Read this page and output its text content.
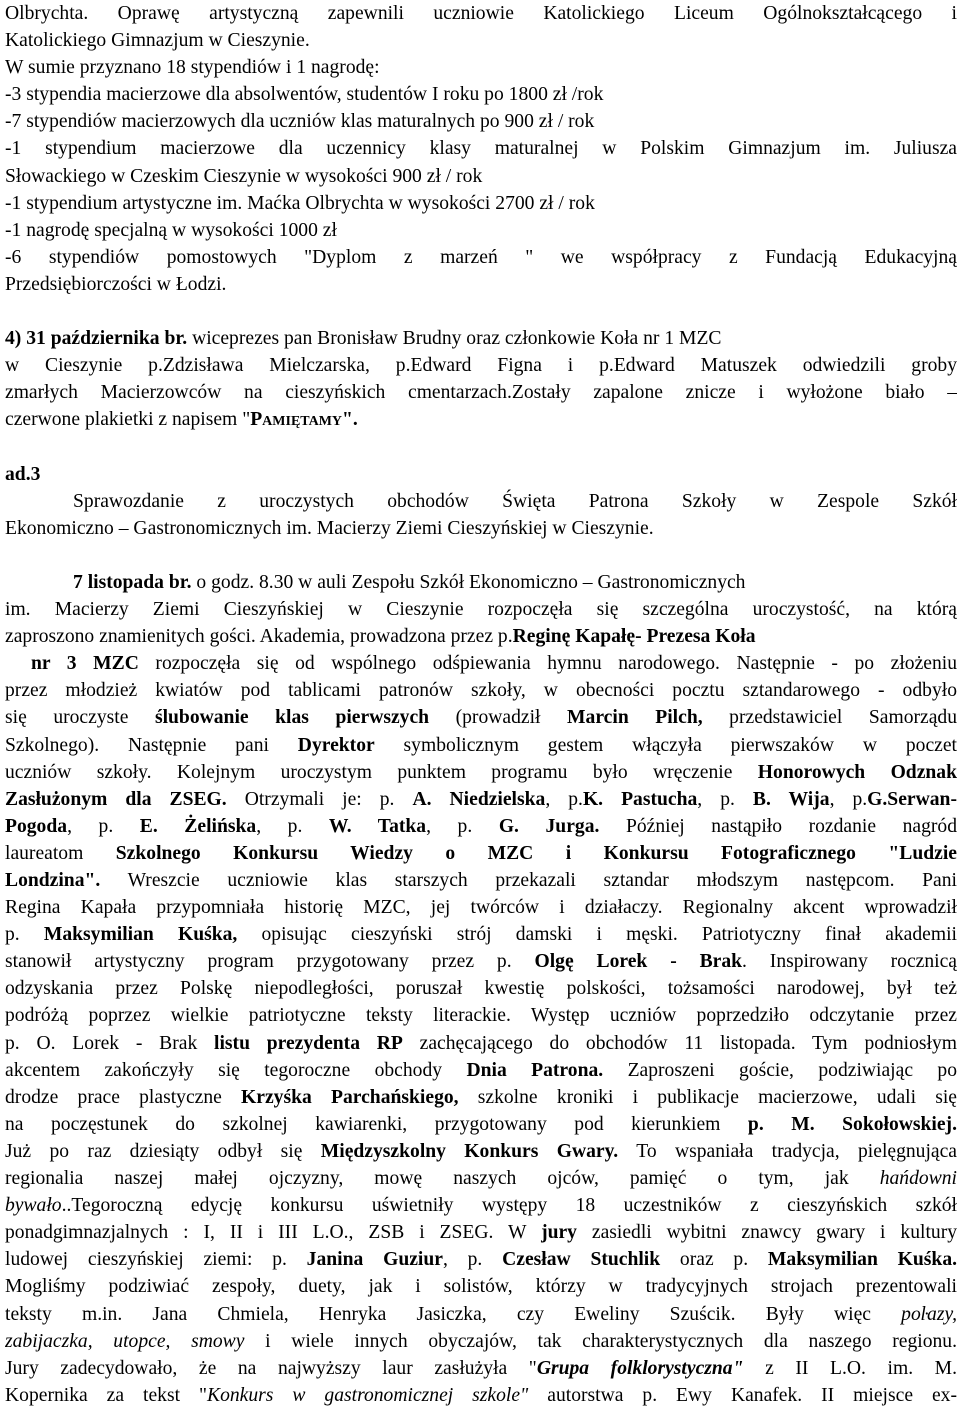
Olbrychta. Oprawę artystyczną zapewnili uczniowie Katolickiego Liceum Ogólnokształcącego i
Katolickiego Gimnazjum w Cieszynie.
W sumie przyznano 18 stypendiów i 1 nagrodę:
-3 stypendia macierzowe dla absolwentów, studentów I roku po 1800 zł /rok
-7 stypendiów macierzowych dla uczniów klas maturalnych po 900 zł / rok
-1 stypendium macierzowe dla uczennicy klasy maturalnej w Polskim Gimnazjum im. Juliusza
Słowackiego w Czeskim Cieszynie w wysokości 900 zł / rok
-1 stypendium artystyczne im. Maćka Olbrychta w wysokości 2700 zł / rok
-1 nagrodę specjalną w wysokości 1000 zł
-6 stypendiów pomostowych "Dyplom z marzeń " we współpracy z Fundacją Edukacyjną
Przedsiębiorczości w Łodzi.
4) 31 października br. wiceprezes pan Bronisław Brudny oraz członkowie Koła nr 1 MZC
w Cieszynie p.Zdzisława Mielczarska, p.Edward Figna i p.Edward Matuszek odwiedzili groby
zmarłych Macierzowców na cieszyńskich cmentarzach.Zostały zapalone znicze i wyłożone biało –
czerwone plakietki z napisem "Pamiętamy".
ad.3
Sprawozdanie z uroczystych obchodów Święta Patrona Szkoły w Zespole Szkół
Ekonomiczno – Gastronomicznych im. Macierzy Ziemi Cieszyńskiej w Cieszynie.
7 listopada br. o godz. 8.30 w auli Zespołu Szkół Ekonomiczno – Gastronomicznych
im. Macierzy Ziemi Cieszyńskiej w Cieszynie rozpoczęła się szczególna uroczystość, na którą
zaproszono znamienitych gości. Akademia, prowadzona przez p.Reginę Kapałę- Prezesa Koła
nr 3 MZC rozpoczęła się od wspólnego odśpiewania hymnu narodowego. Następnie - po złożeniu
przez młodzież kwiatów pod tablicami patronów szkoły, w obecności pocztu sztandarowego - odbyło
się uroczyste ślubowanie klas pierwszych (prowadził Marcin Pilch, przedstawiciel Samorządu
Szkolnego). Następnie pani Dyrektor symbolicznym gestem włączyła pierwszaków w poczet
uczniów szkoły. Kolejnym uroczystym punktem programu było wręczenie Honorowych Odznak
Zasłużonym dla ZSEG. Otrzymali je: p. A. Niedzielska, p.K. Pastucha, p. B. Wija, p.G.Serwan-
Pogoda, p. E. Żelińska, p. W. Tatka, p. G. Jurga. Później nastąpiło rozdanie nagród
laureatom Szkolnego Konkursu Wiedzy o MZC i Konkursu Fotograficznego "Ludzie
Londzina". Wreszcie uczniowie klas starszych przekazali sztandar młodszym następcom. Pani
Regina Kapała przypomniała historię MZC, jej twórców i działaczy. Regionalny akcent wprowadził
p. Maksymilian Kuśka, opisując cieszyński strój damski i męski. Patriotyczny finał akademii
stanowił artystyczny program przygotowany przez p. Olgę Lorek - Brak. Inspirowany rocznicą
odzyskania przez Polskę niepodległości, poruszał kwestię polskości, tożsamości narodowej, był też
podróżą poprzez wielkie patriotyczne teksty literackie. Występ uczniów poprzedziło odczytanie przez
p. O. Lorek - Brak listu prezydenta RP zachęcającego do obchodów 11 listopada. Tym podniosłym
akcentem zakończyły się tegoroczne obchody Dnia Patrona. Zaproszeni goście, podziwiając po
drodze prace plastyczne Krzyśka Parchańskiego, szkolne kroniki i publikacje macierzowe, udali się
na poczęstunek do szkolnej kawiarenki, przygotowany pod kierunkiem p. M. Sokołowskiej.
Już po raz dziesiąty odbył się Międzyszkolny Konkurs Gwary. To wspaniała tradycja, pielęgnująca
regionalia naszej małej ojczyzny, mowę naszych ojców, pamięć o tym, jak hańdowni
bywało..Tegoroczną edycję konkursu uświetniły występy 18 uczestników z cieszyńskich szkół
ponadgimnazjalnych : I, II i III L.O., ZSB i ZSEG. W jury zasiedli wybitni znawcy gwary i kultury
ludowej cieszyńskiej ziemi: p. Janina Guziur, p. Czesław Stuchlik oraz p. Maksymilian Kuśka.
Mogliśmy podziwiać zespoły, duety, jak i solistów, którzy w tradycyjnych strojach prezentowali
teksty m.in. Jana Chmiela, Henryka Jasiczka, czy Eweliny Szuścik. Były więc poŀazy,
zabijaczka, utopce, smowy i wiele innych obyczajów, tak charakterystycznych dla naszego regionu.
Jury zadecydowało, że na najwyższy laur zasłużyła "Grupa folklorystyczna" z II L.O. im. M.
Kopernika za tekst "Konkurs w gastronomicznej szkole" autorstwa p. Ewy Kanafek. II miejsce ex-
